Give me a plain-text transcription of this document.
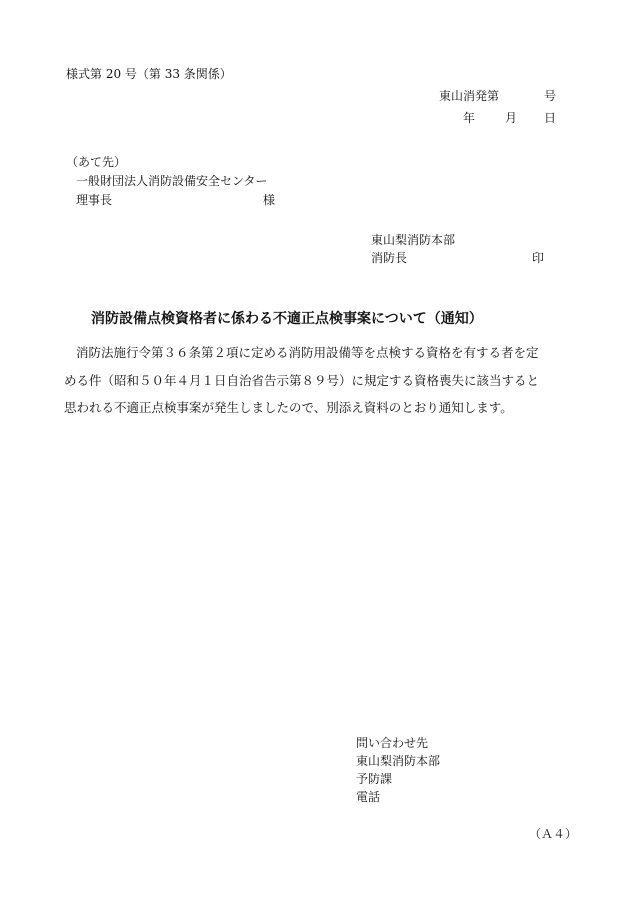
様式第 20 号（第 33 条関係）
東山消発第	号
年 月 日
（あて先）
一般財団法人消防設備安全センター
理事長	様
東山梨消防本部
消防長	印
消防設備点検資格者に係わる不適正点検事案について（通知）
消防法施行令第３６条第２項に定める消防用設備等を点検する資格を有する者を定
める件（昭和５０年４月１日自治省告示第８９号）に規定する資格喪失に該当すると
思われる不適正点検事案が発生しましたので、別添え資料のとおり通知します。
問い合わせ先
東山梨消防本部
予防課
電話
（Ａ４）
